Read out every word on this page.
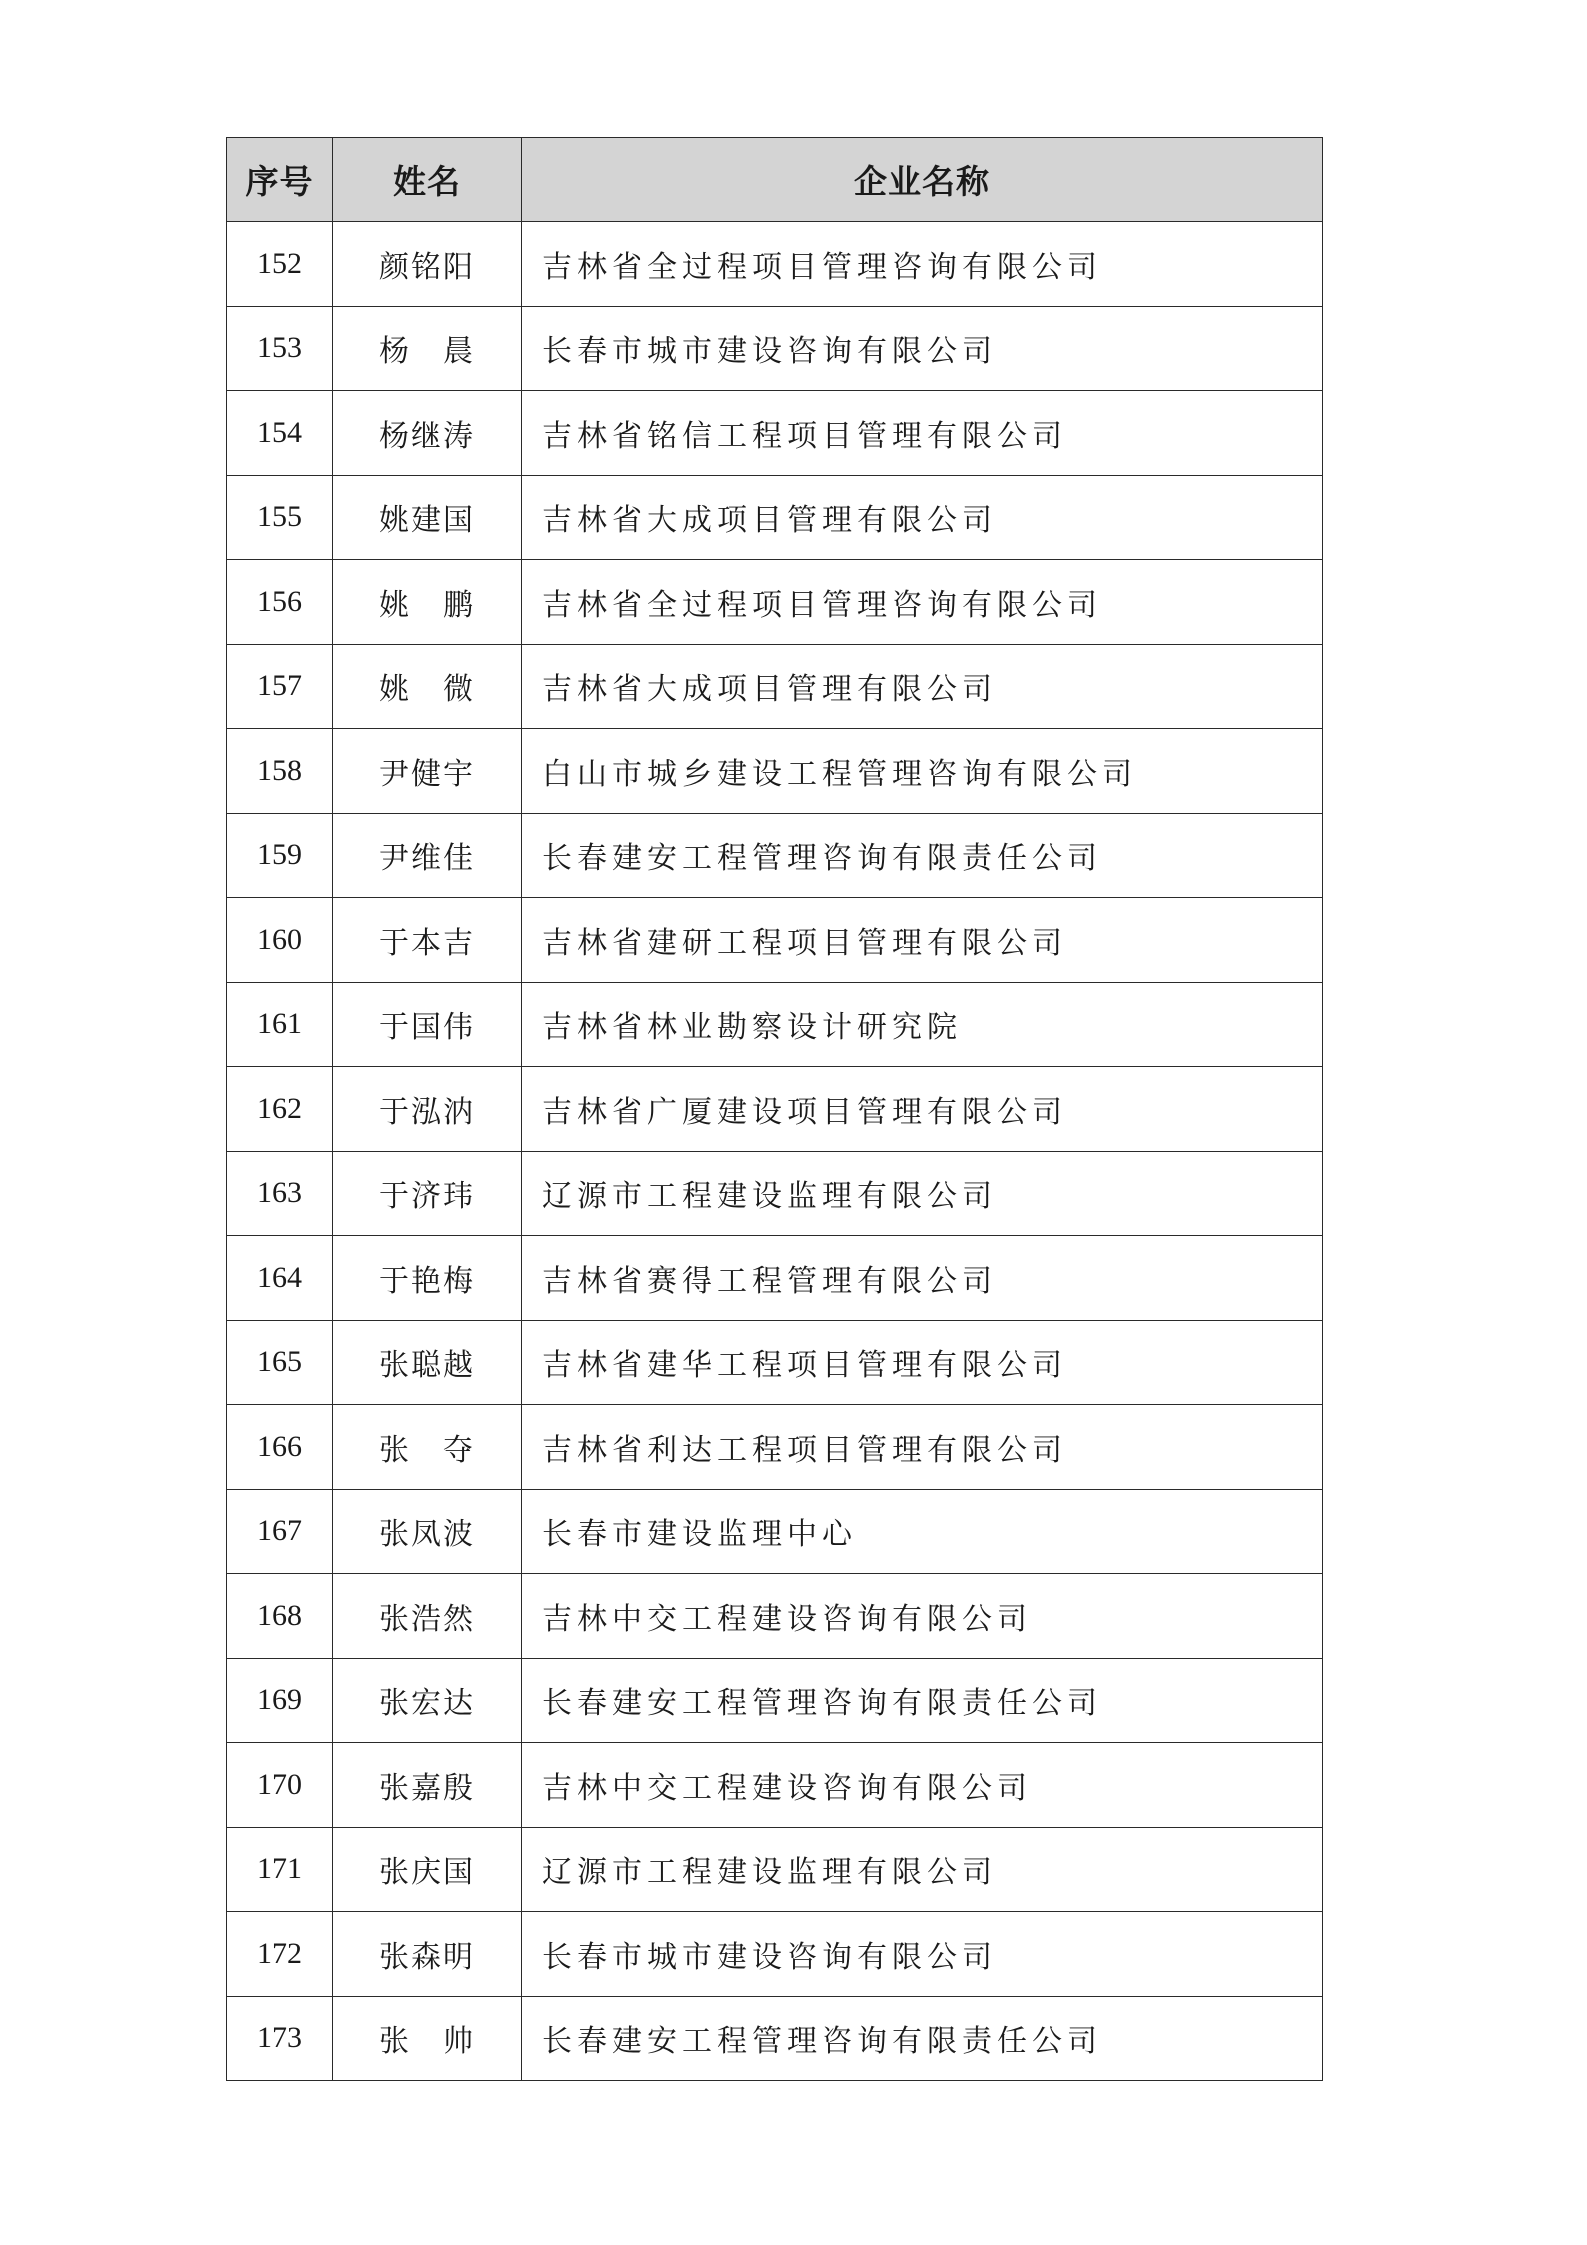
序号	姓名	企业名称
152	颜铭阳	吉林省全过程项目管理咨询有限公司
153	杨　晨	长春市城市建设咨询有限公司
154	杨继涛	吉林省铭信工程项目管理有限公司
155	姚建国	吉林省大成项目管理有限公司
156	姚　鹏	吉林省全过程项目管理咨询有限公司
157	姚　微	吉林省大成项目管理有限公司
158	尹健宇	白山市城乡建设工程管理咨询有限公司
159	尹维佳	长春建安工程管理咨询有限责任公司
160	于本吉	吉林省建研工程项目管理有限公司
161	于国伟	吉林省林业勘察设计研究院
162	于泓汭	吉林省广厦建设项目管理有限公司
163	于济玮	辽源市工程建设监理有限公司
164	于艳梅	吉林省赛得工程管理有限公司
165	张聪越	吉林省建华工程项目管理有限公司
166	张　夺	吉林省利达工程项目管理有限公司
167	张凤波	长春市建设监理中心
168	张浩然	吉林中交工程建设咨询有限公司
169	张宏达	长春建安工程管理咨询有限责任公司
170	张嘉殷	吉林中交工程建设咨询有限公司
171	张庆国	辽源市工程建设监理有限公司
172	张森明	长春市城市建设咨询有限公司
173	张　帅	长春建安工程管理咨询有限责任公司
